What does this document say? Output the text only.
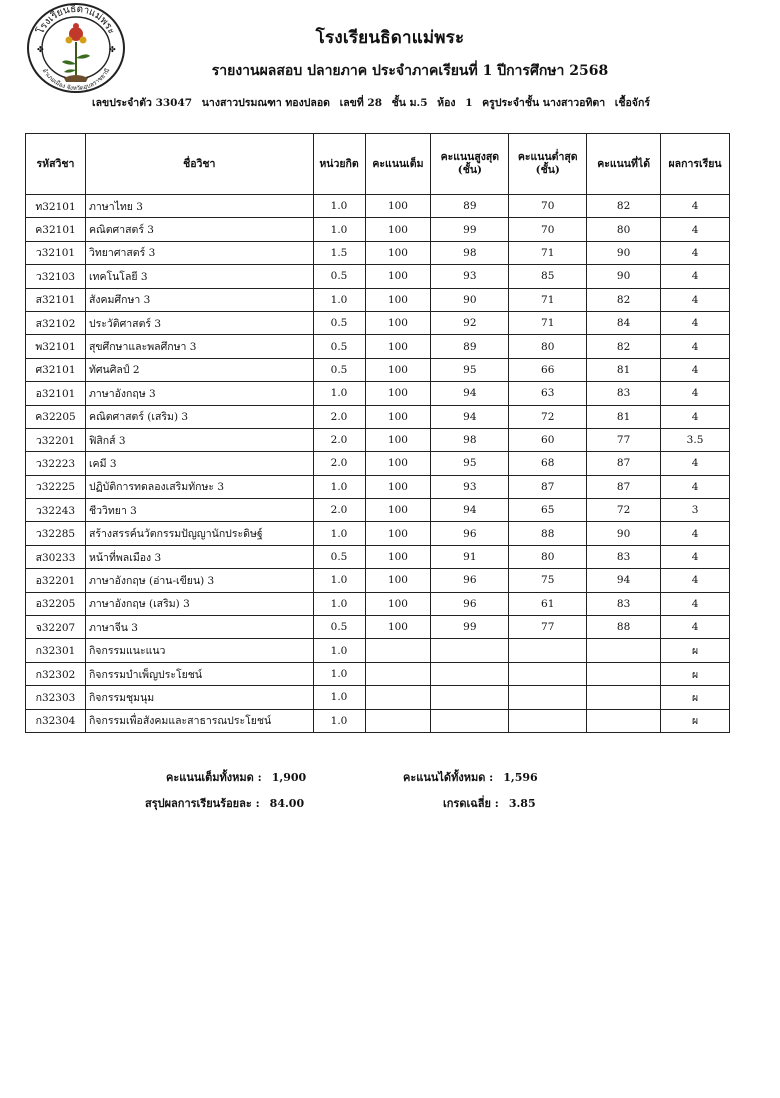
โรงเรียนธิดาแม่พระ
อำเภอเมือง จังหวัดอุบลราชธานี
✤	✤
โรงเรียนธิดาแม่พระ
รายงานผลสอบ ปลายภาค ประจำภาคเรียนที่ 1 ปีการศึกษา 2568
เลขประจำตัว 33047 นางสาวปรมณฑา ทองปลอด เลขที่ 28 ชั้น ม.5 ห้อง 1 ครูประจำชั้น นางสาวอทิตา เชื้อจักร์
รหัสวิชา	ชื่อวิชา	หน่วยกิต	คะแนนเต็ม	คะแนนสูงสุด (ชั้น)	คะแนนต่ำสุด (ชั้น)	คะแนนที่ได้	ผลการเรียน
ท32101	ภาษาไทย 3	1.0	100	89	70	82	4
ค32101	คณิตศาสตร์ 3	1.0	100	99	70	80	4
ว32101	วิทยาศาสตร์ 3	1.5	100	98	71	90	4
ว32103	เทคโนโลยี 3	0.5	100	93	85	90	4
ส32101	สังคมศึกษา 3	1.0	100	90	71	82	4
ส32102	ประวัติศาสตร์ 3	0.5	100	92	71	84	4
พ32101	สุขศึกษาและพลศึกษา 3	0.5	100	89	80	82	4
ศ32101	ทัศนศิลป์ 2	0.5	100	95	66	81	4
อ32101	ภาษาอังกฤษ 3	1.0	100	94	63	83	4
ค32205	คณิตศาสตร์ (เสริม) 3	2.0	100	94	72	81	4
ว32201	ฟิสิกส์ 3	2.0	100	98	60	77	3.5
ว32223	เคมี 3	2.0	100	95	68	87	4
ว32225	ปฏิบัติการทดลองเสริมทักษะ 3	1.0	100	93	87	87	4
ว32243	ชีววิทยา 3	2.0	100	94	65	72	3
ว32285	สร้างสรรค์นวัตกรรมปัญญานักประดิษฐ์	1.0	100	96	88	90	4
ส30233	หน้าที่พลเมือง 3	0.5	100	91	80	83	4
อ32201	ภาษาอังกฤษ (อ่าน-เขียน) 3	1.0	100	96	75	94	4
อ32205	ภาษาอังกฤษ (เสริม) 3	1.0	100	96	61	83	4
จ32207	ภาษาจีน 3	0.5	100	99	77	88	4
ก32301	กิจกรรมแนะแนว	1.0					ผ
ก32302	กิจกรรมบำเพ็ญประโยชน์	1.0					ผ
ก32303	กิจกรรมชุมนุม	1.0					ผ
ก32304	กิจกรรมเพื่อสังคมและสาธารณประโยชน์	1.0					ผ
คะแนนเต็มทั้งหมด : 1,900	คะแนนได้ทั้งหมด : 1,596
สรุปผลการเรียนร้อยละ : 84.00	เกรดเฉลี่ย : 3.85
